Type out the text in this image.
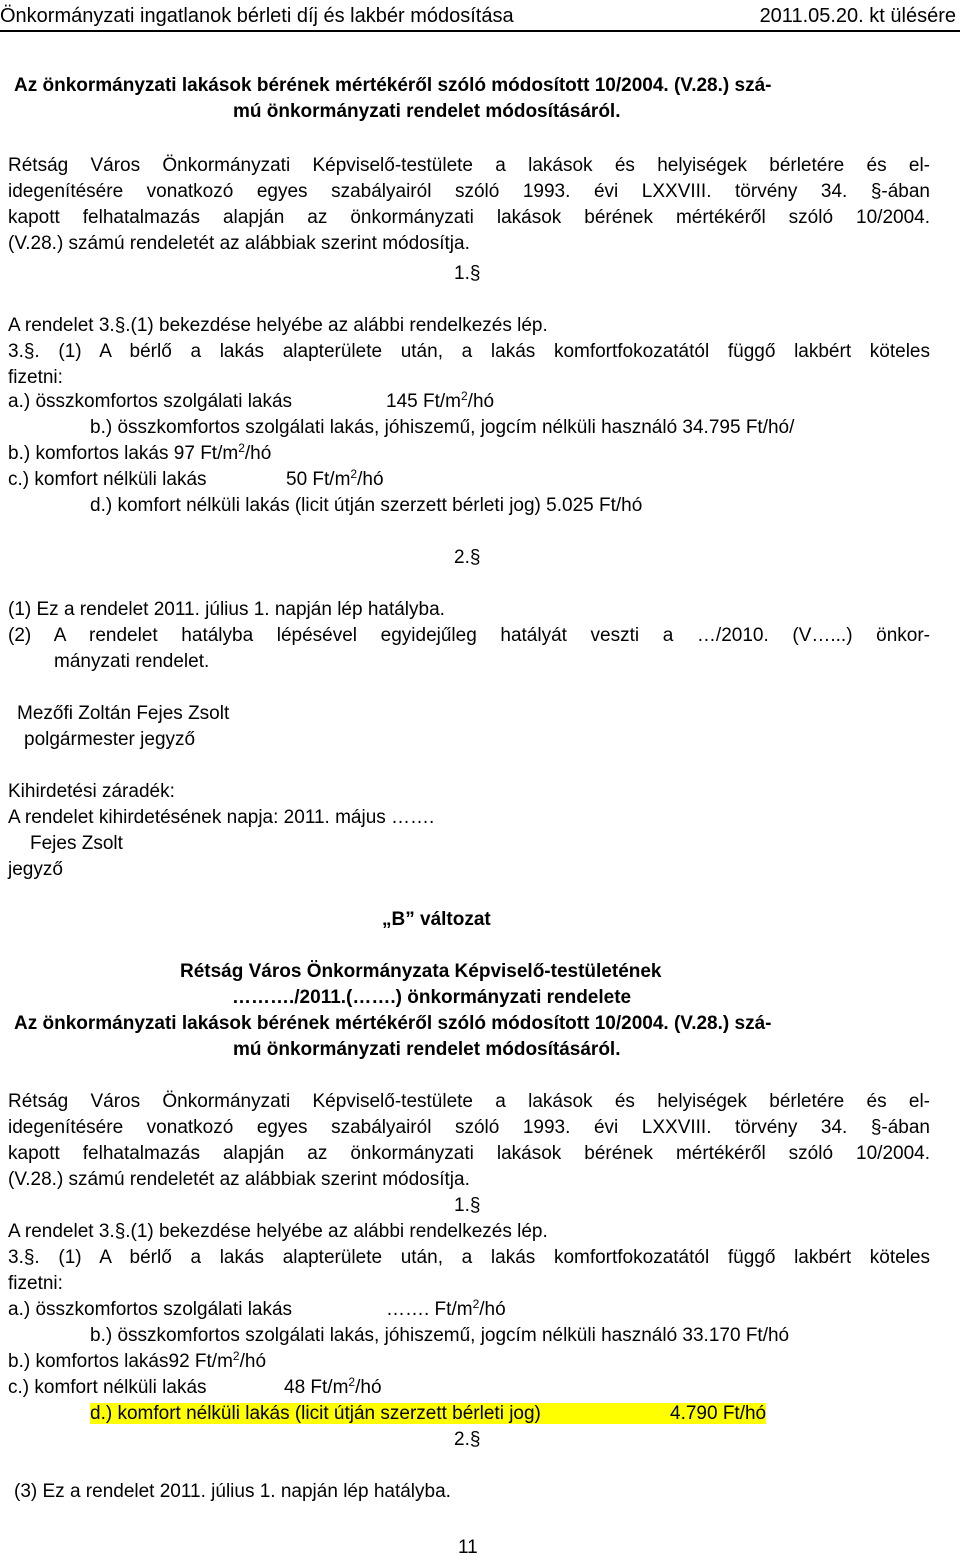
Önkormányzati ingatlanok bérleti díj és lakbér módosítása	2011.05.20. kt ülésére
Az önkormányzati lakások bérének mértékéről szóló módosított 10/2004. (V.28.) szá-
mú önkormányzati rendelet módosításáról.
Rétság Város Önkormányzati Képviselő-testülete a lakások és helyiségek bérletére és el-
idegenítésére vonatkozó egyes szabályairól szóló 1993. évi LXXVIII. törvény 34. §-ában
kapott felhatalmazás alapján az önkormányzati lakások bérének mértékéről szóló 10/2004.
(V.28.) számú rendeletét az alábbiak szerint módosítja.
1.§
A rendelet 3.§.(1) bekezdése helyébe az alábbi rendelkezés lép.
3.§. (1) A bérlő a lakás alapterülete után, a lakás komfortfokozatától függő lakbért köteles
fizetni:
a.) összkomfortos szolgálati lakás	145 $Ft/m^2/hó$
b.) összkomfortos szolgálati lakás, jóhiszemű, jogcím nélküli használó 34.795 Ft/hó/
b.) komfortos lakás 97 $Ft/m^2/hó$
c.) komfort nélküli lakás	50 $Ft/m^2/hó$
d.) komfort nélküli lakás (licit útján szerzett bérleti jog) 5.025 Ft/hó
2.§
(1) Ez a rendelet 2011. július 1. napján lép hatályba.
(2) A rendelet hatályba lépésével egyidejűleg hatályát veszti a …/2010. (V…...) önkor-
mányzati rendelet.
Mezőfi Zoltán Fejes Zsolt
polgármester jegyző
Kihirdetési záradék:
A rendelet kihirdetésének napja: 2011. május …….
Fejes Zsolt
jegyző
„B” változat
Rétság Város Önkormányzata Képviselő-testületének
………./2011.(…….) önkormányzati rendelete
Az önkormányzati lakások bérének mértékéről szóló módosított 10/2004. (V.28.) szá-
mú önkormányzati rendelet módosításáról.
Rétság Város Önkormányzati Képviselő-testülete a lakások és helyiségek bérletére és el-
idegenítésére vonatkozó egyes szabályairól szóló 1993. évi LXXVIII. törvény 34. §-ában
kapott felhatalmazás alapján az önkormányzati lakások bérének mértékéről szóló 10/2004.
(V.28.) számú rendeletét az alábbiak szerint módosítja.
1.§
A rendelet 3.§.(1) bekezdése helyébe az alábbi rendelkezés lép.
3.§. (1) A bérlő a lakás alapterülete után, a lakás komfortfokozatától függő lakbért köteles
fizetni:
a.) összkomfortos szolgálati lakás	……. $Ft/m^2/hó$
b.) összkomfortos szolgálati lakás, jóhiszemű, jogcím nélküli használó 33.170 Ft/hó
b.) komfortos lakás92 $Ft/m^2/hó$
c.) komfort nélküli lakás	48 $Ft/m^2/hó$
d.) komfort nélküli lakás (licit útján szerzett bérleti jog)	4.790 Ft/hó
2.§
(3) Ez a rendelet 2011. július 1. napján lép hatályba.
11
